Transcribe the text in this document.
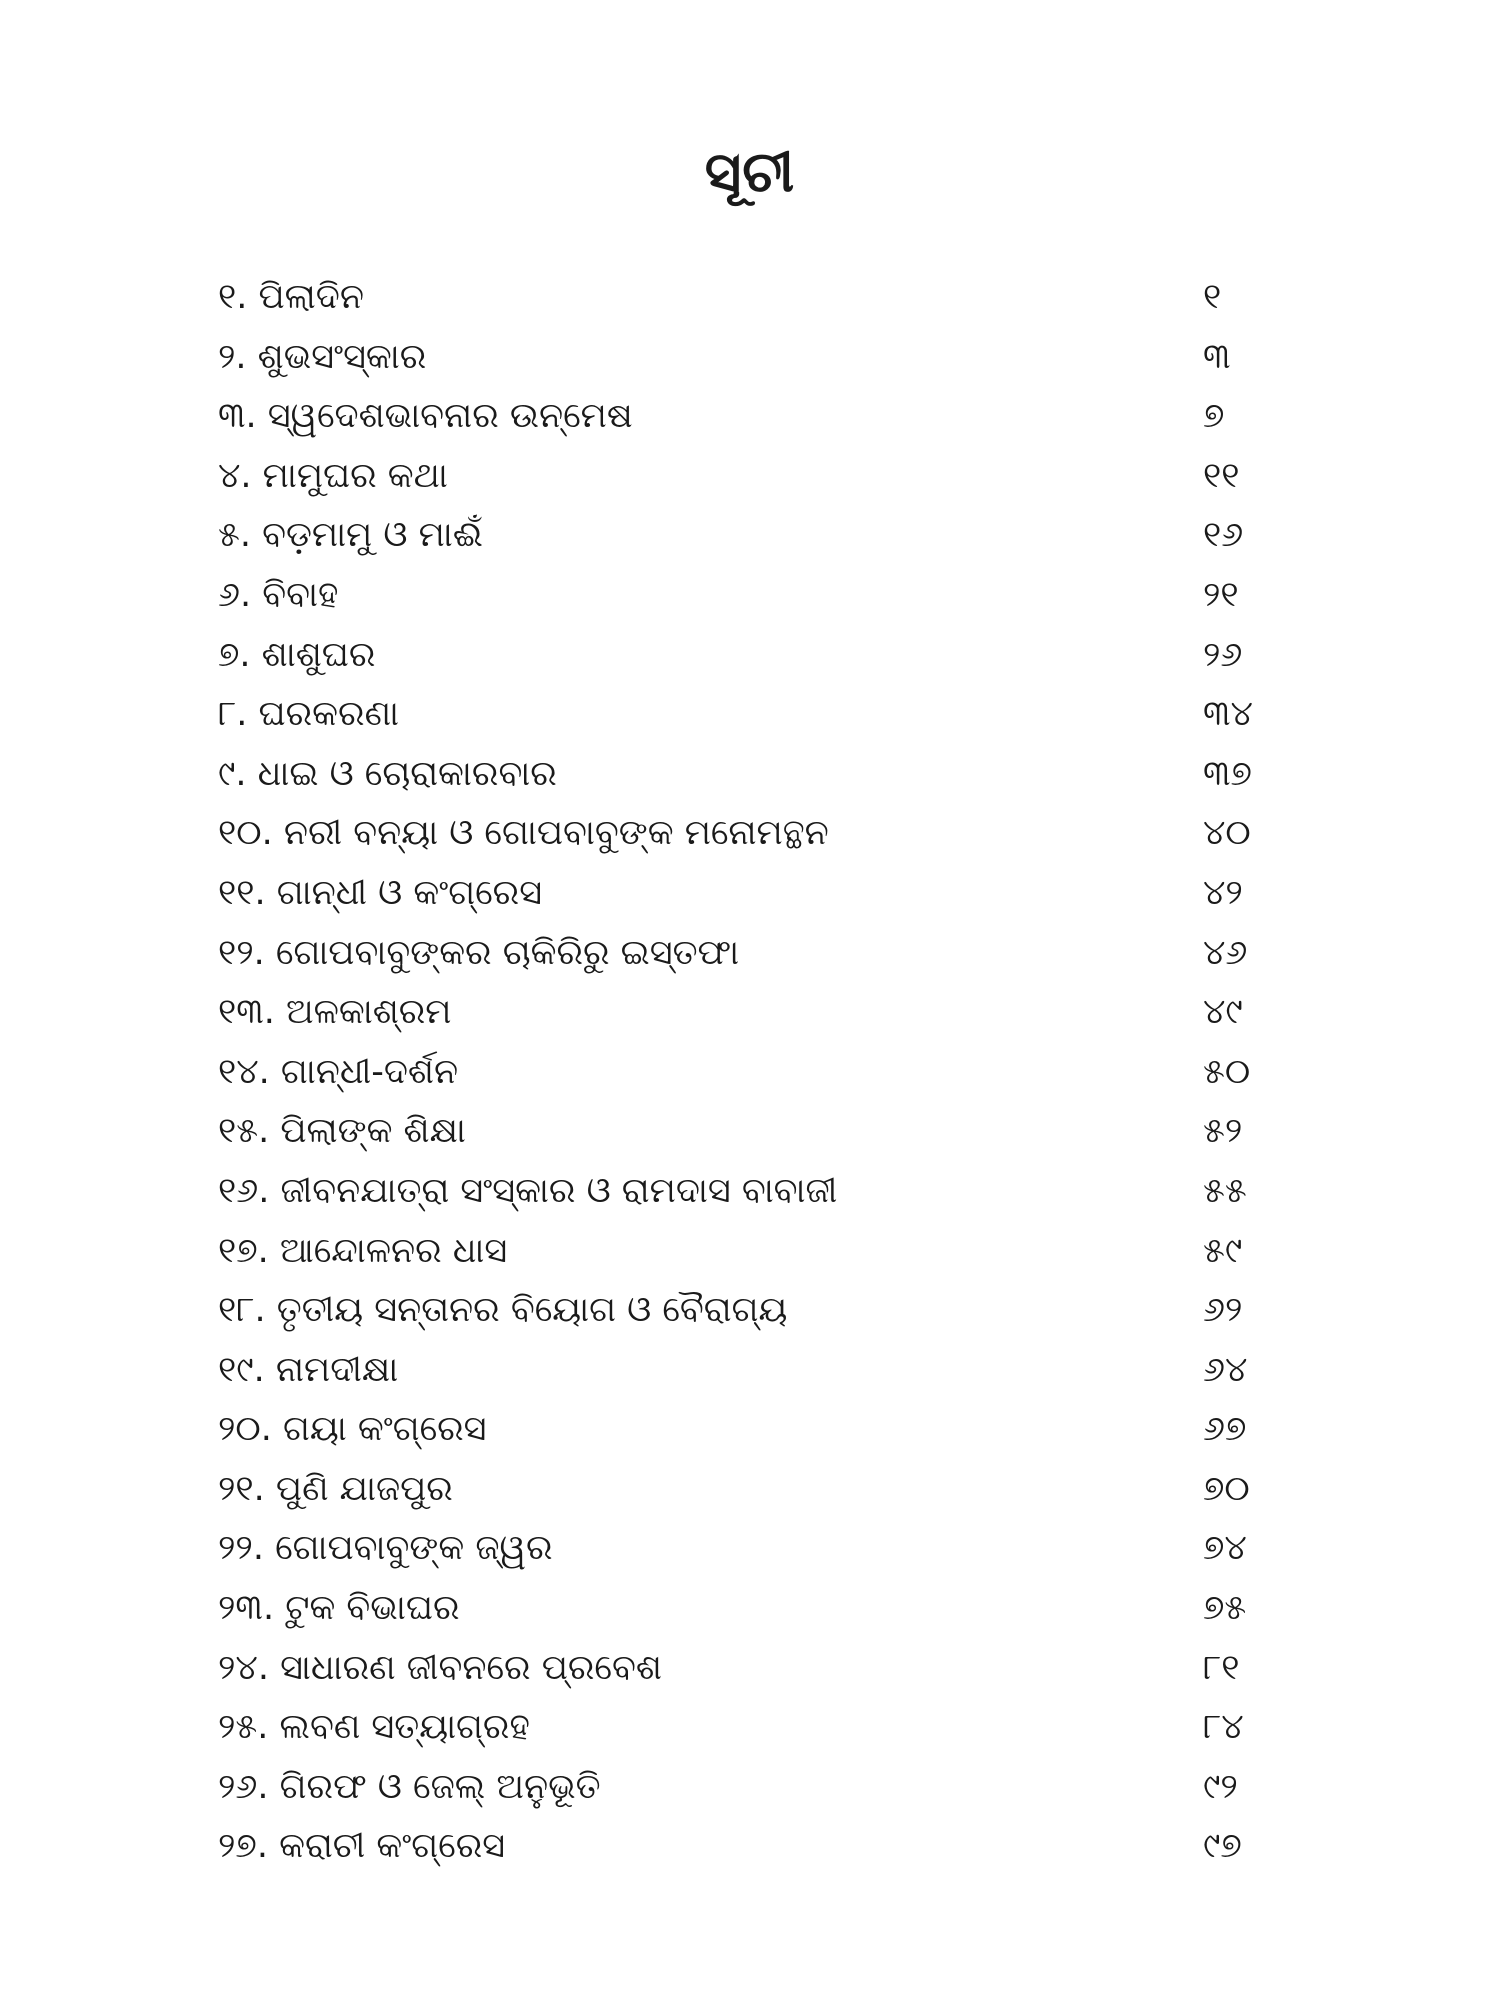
ସୂଚୀ
୧. ପିଲାଦିନ	୧
୨. ଶୁଭସଂସ୍କାର	୩
୩. ସ୍ୱଦେଶଭାବନାର ଉନ୍ମେଷ	୭
୪. ମାମୁଘର କଥା	୧୧
୫. ବଡ଼ମାମୁ ଓ ମାଈଁ	୧୬
୬. ବିବାହ	୨୧
୭. ଶାଶୁଘର	୨୬
୮. ଘରକରଣା	୩୪
୯. ଧାଇ ଓ ଚୋରାକାରବାର	୩୭
୧୦. ନରୀ ବନ୍ୟା ଓ ଗୋପବାବୁଙ୍କ ମନୋମନ୍ଥନ	୪୦
୧୧. ଗାନ୍ଧୀ ଓ କଂଗ୍ରେସ	୪୨
୧୨. ଗୋପବାବୁଙ୍କର ଚାକିରିରୁ ଇସ୍ତଫା	୪୬
୧୩. ଅଳକାଶ୍ରମ	୪୯
୧୪. ଗାନ୍ଧୀ-ଦର୍ଶନ	୫୦
୧୫. ପିଲାଙ୍କ ଶିକ୍ଷା	୫୨
୧୬. ଜୀବନଯାତ୍ରା ସଂସ୍କାର ଓ ରାମଦାସ ବାବାଜୀ	୫୫
୧୭. ଆନ୍ଦୋଳନର ଧାସ	୫୯
୧୮. ତୃତୀୟ ସନ୍ତାନର ବିୟୋଗ ଓ ବୈରାଗ୍ୟ	୬୨
୧୯. ନାମଦୀକ୍ଷା	୬୪
୨୦. ଗୟା କଂଗ୍ରେସ	୬୭
୨୧. ପୁଣି ଯାଜପୁର	୭୦
୨୨. ଗୋପବାବୁଙ୍କ ଜ୍ୱର	୭୪
୨୩. ଟୁକ ବିଭାଘର	୭୫
୨୪. ସାଧାରଣ ଜୀବନରେ ପ୍ରବେଶ	୮୧
୨୫. ଲବଣ ସତ୍ୟାଗ୍ରହ	୮୪
୨୬. ଗିରଫ ଓ ଜେଲ୍ ଅନୁଭୂତି	୯୨
୨୭. କରାଚୀ କଂଗ୍ରେସ	୯୭
